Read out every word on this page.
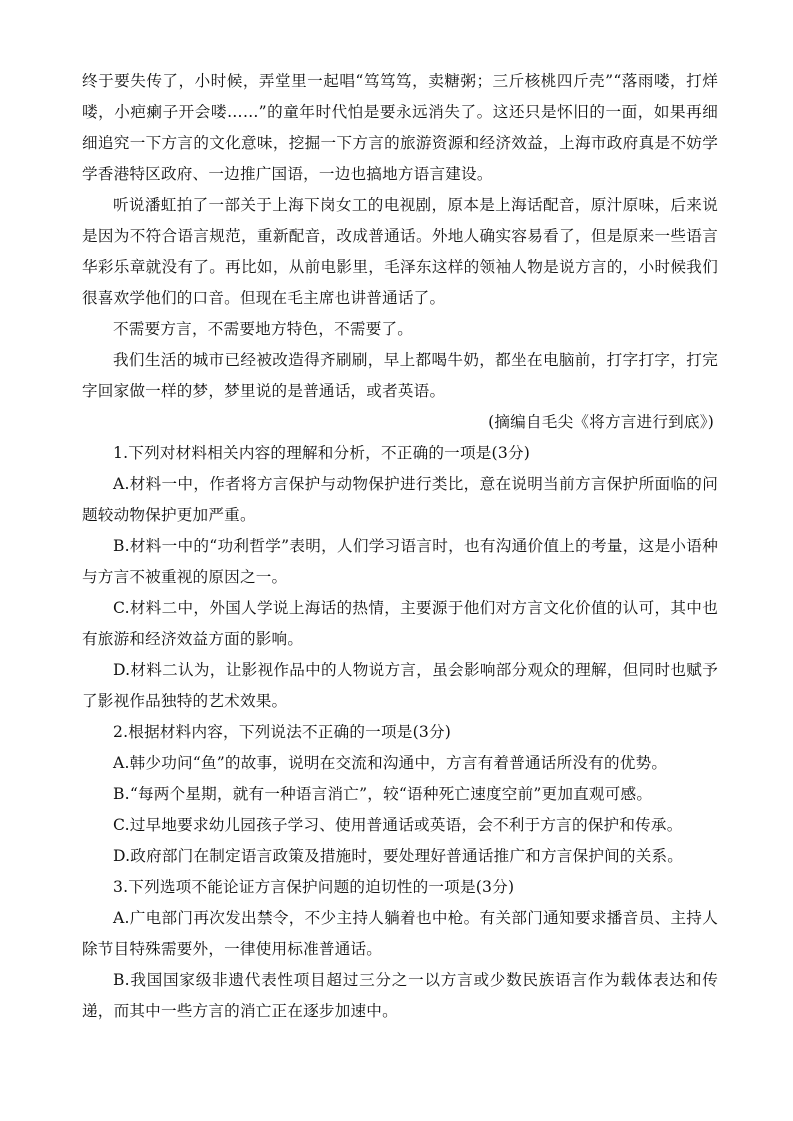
终于要失传了，小时候，弄堂里一起唱“笃笃笃，卖糖粥；三斤核桃四斤壳”“落雨喽，打烊喽，小疤瘌子开会喽……”的童年时代怕是要永远消失了。这还只是怀旧的一面，如果再细细追究一下方言的文化意味，挖掘一下方言的旅游资源和经济效益，上海市政府真是不妨学学香港特区政府、一边推广国语，一边也搞地方语言建设。

听说潘虹拍了一部关于上海下岗女工的电视剧，原本是上海话配音，原汁原味，后来说是因为不符合语言规范，重新配音，改成普通话。外地人确实容易看了，但是原来一些语言华彩乐章就没有了。再比如，从前电影里，毛泽东这样的领袖人物是说方言的，小时候我们很喜欢学他们的口音。但现在毛主席也讲普通话了。

不需要方言，不需要地方特色，不需要了。

我们生活的城市已经被改造得齐刷刷，早上都喝牛奶，都坐在电脑前，打字打字，打完字回家做一样的梦，梦里说的是普通话，或者英语。

(摘编自毛尖《将方言进行到底》)

1.下列对材料相关内容的理解和分析，不正确的一项是(3分)

A.材料一中，作者将方言保护与动物保护进行类比，意在说明当前方言保护所面临的问题较动物保护更加严重。

B.材料一中的“功利哲学”表明，人们学习语言时，也有沟通价值上的考量，这是小语种与方言不被重视的原因之一。

C.材料二中，外国人学说上海话的热情，主要源于他们对方言文化价值的认可，其中也有旅游和经济效益方面的影响。

D.材料二认为，让影视作品中的人物说方言，虽会影响部分观众的理解，但同时也赋予了影视作品独特的艺术效果。

2.根据材料内容，下列说法不正确的一项是(3分)

A.韩少功问“鱼”的故事，说明在交流和沟通中，方言有着普通话所没有的优势。

B.“每两个星期，就有一种语言消亡”，较“语种死亡速度空前”更加直观可感。

C.过早地要求幼儿园孩子学习、使用普通话或英语，会不利于方言的保护和传承。

D.政府部门在制定语言政策及措施时，要处理好普通话推广和方言保护间的关系。

3.下列选项不能论证方言保护问题的迫切性的一项是(3分)

A.广电部门再次发出禁令，不少主持人躺着也中枪。有关部门通知要求播音员、主持人除节目特殊需要外，一律使用标准普通话。

B.我国国家级非遗代表性项目超过三分之一以方言或少数民族语言作为载体表达和传递，而其中一些方言的消亡正在逐步加速中。
